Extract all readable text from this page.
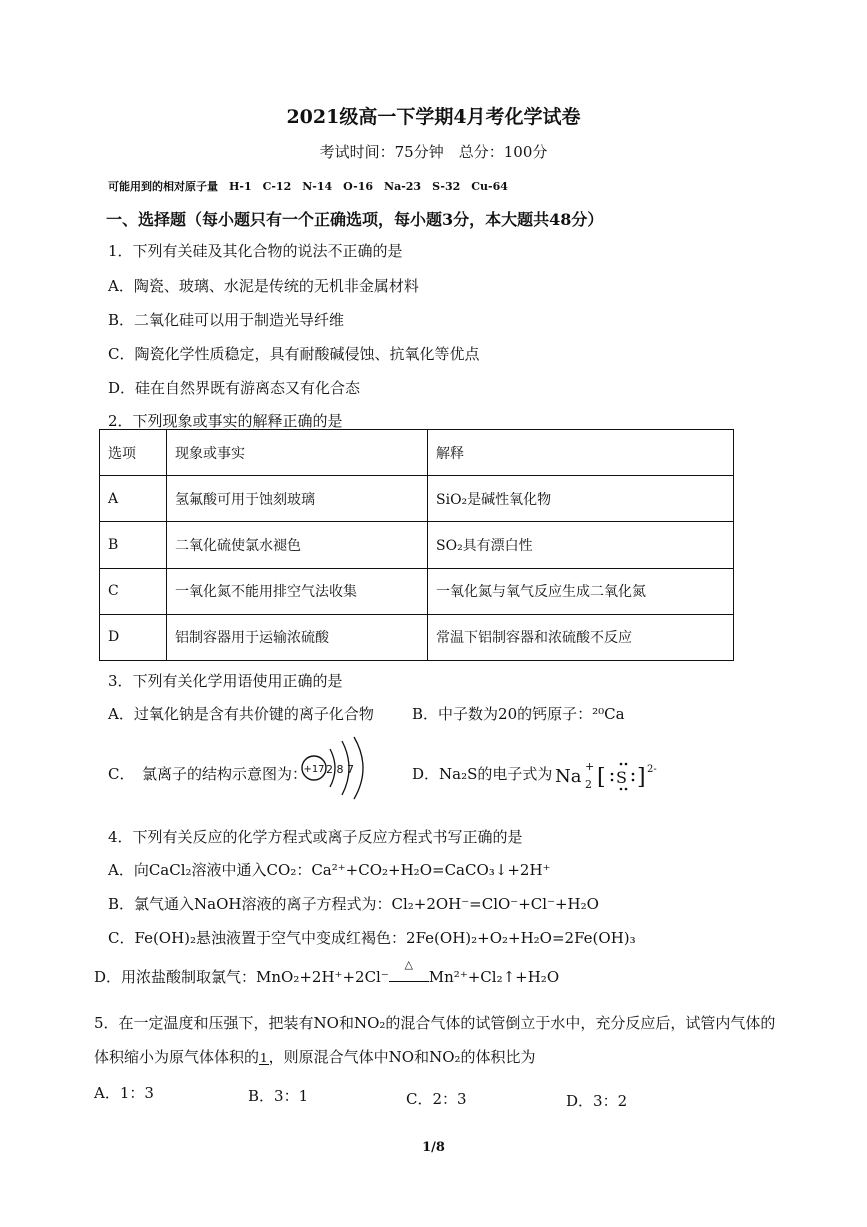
2021级高一下学期4月考化学试卷
考试时间：75分钟　总分：100分
可能用到的相对原子量　H-1　C-12　N-14　O-16　Na-23　S-32　Cu-64
一、选择题（每小题只有一个正确选项，每小题3分，本大题共48分）
1．下列有关硅及其化合物的说法不正确的是
A．陶瓷、玻璃、水泥是传统的无机非金属材料
B．二氧化硅可以用于制造光导纤维
C．陶瓷化学性质稳定，具有耐酸碱侵蚀、抗氧化等优点
D．硅在自然界既有游离态又有化合态
2．下列现象或事实的解释正确的是
选项	现象或事实	解释
A	氢氟酸可用于蚀刻玻璃	SiO₂是碱性氧化物
B	二氧化硫使氯水褪色	SO₂具有漂白性
C	一氧化氮不能用排空气法收集	一氧化氮与氧气反应生成二氧化氮
D	铝制容器用于运输浓硫酸	常温下铝制容器和浓硫酸不反应
3．下列有关化学用语使用正确的是
A．过氧化钠是含有共价键的离子化合物	B．中子数为20的钙原子：²⁰Ca
C．　氯离子的结构示意图为：
+17 2 8 7	D．Na₂S的电子式为 Na +
2 [ S ] 2-
4．下列有关反应的化学方程式或离子反应方程式书写正确的是
A．向CaCl₂溶液中通入CO₂：Ca²⁺+CO₂+H₂O=CaCO₃↓+2H⁺
B．氯气通入NaOH溶液的离子方程式为：Cl₂+2OH⁻=ClO⁻+Cl⁻+H₂O
C．Fe(OH)₂悬浊液置于空气中变成红褐色：2Fe(OH)₂+O₂+H₂O=2Fe(OH)₃
D．用浓盐酸制取氯气：MnO₂+2H⁺+2Cl⁻
△
Mn²⁺+Cl₂↑+H₂O
5．在一定温度和压强下，把装有NO和NO₂的混合气体的试管倒立于水中，充分反应后，试管内气体的
体积缩小为原气体体积的 1 ，则原混合气体中NO和NO₂的体积比为
A．1：3	B．3：1	C．2：3	D．3：2
1/8
